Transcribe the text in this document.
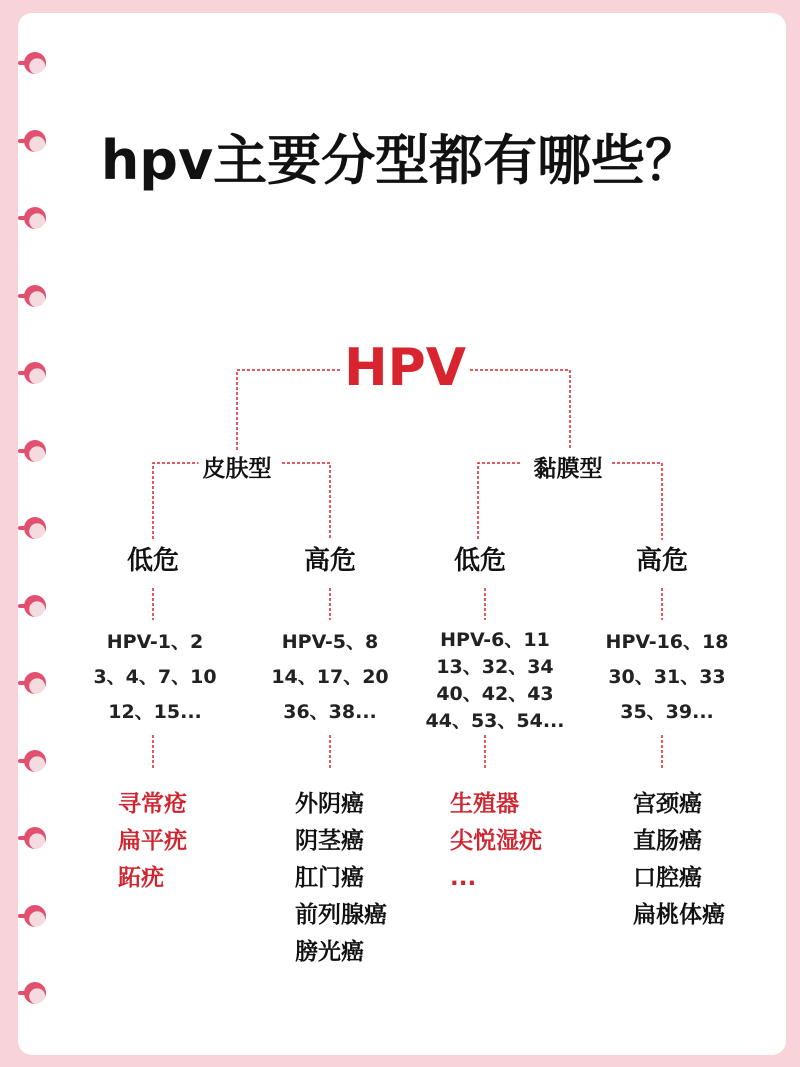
hpv主要分型都有哪些？
HPV
皮肤型	黏膜型
低危	高危	低危	高危
HPV-1、2
3、4、7、10
12、15...
HPV-5、8
14、17、20
36、38...
HPV-6、11
13、32、34
40、42、43
44、53、54...
HPV-16、18
30、31、33
35、39...
寻常疮
扁平疣
跖疣
外阴癌
阴茎癌
肛门癌
前列腺癌
膀光癌
生殖器
尖悦湿疣
...
宫颈癌
直肠癌
口腔癌
扁桃体癌
